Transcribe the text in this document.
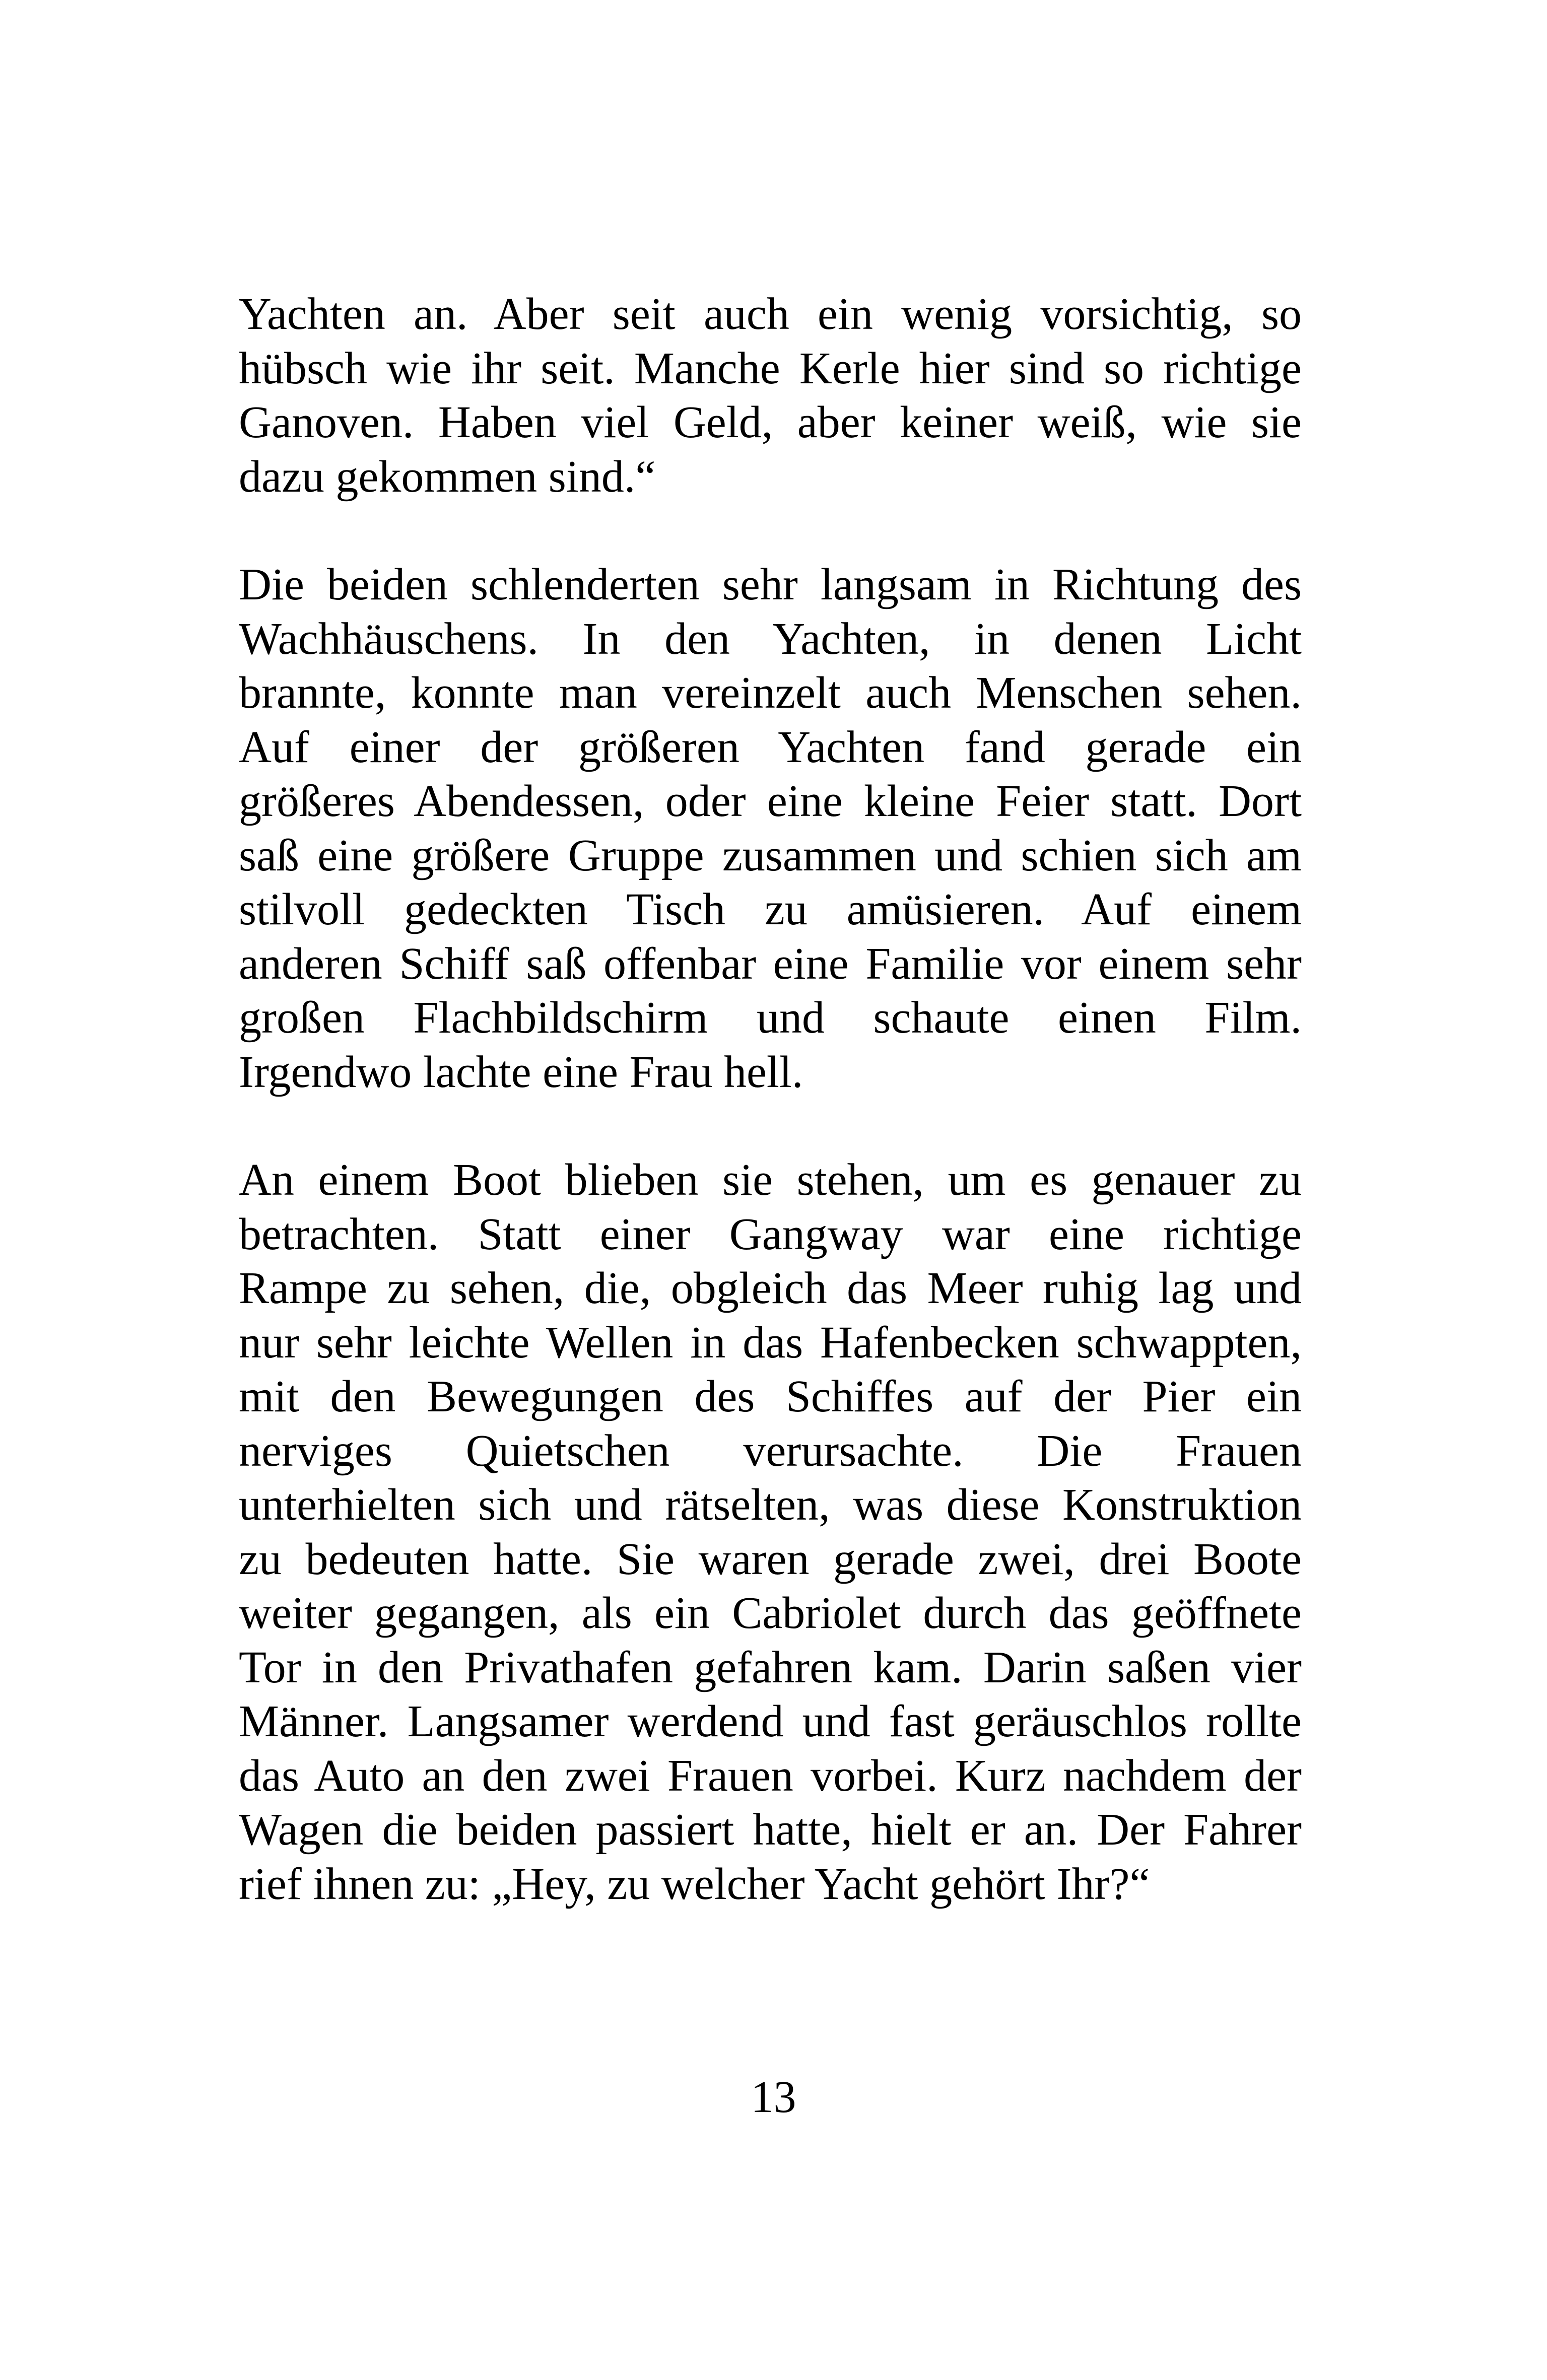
Yachten an. Aber seit auch ein wenig vorsichtig, so
hübsch wie ihr seit. Manche Kerle hier sind so richtige
Ganoven. Haben viel Geld, aber keiner weiß, wie sie
dazu gekommen sind.“

Die beiden schlenderten sehr langsam in Richtung des
Wachhäuschens. In den Yachten, in denen Licht
brannte, konnte man vereinzelt auch Menschen sehen.
Auf einer der größeren Yachten fand gerade ein
größeres Abendessen, oder eine kleine Feier statt. Dort
saß eine größere Gruppe zusammen und schien sich am
stilvoll gedeckten Tisch zu amüsieren. Auf einem
anderen Schiff saß offenbar eine Familie vor einem sehr
großen Flachbildschirm und schaute einen Film.
Irgendwo lachte eine Frau hell.

An einem Boot blieben sie stehen, um es genauer zu
betrachten. Statt einer Gangway war eine richtige
Rampe zu sehen, die, obgleich das Meer ruhig lag und
nur sehr leichte Wellen in das Hafenbecken schwappten,
mit den Bewegungen des Schiffes auf der Pier ein
nerviges Quietschen verursachte. Die Frauen
unterhielten sich und rätselten, was diese Konstruktion
zu bedeuten hatte. Sie waren gerade zwei, drei Boote
weiter gegangen, als ein Cabriolet durch das geöffnete
Tor in den Privathafen gefahren kam. Darin saßen vier
Männer. Langsamer werdend und fast geräuschlos rollte
das Auto an den zwei Frauen vorbei. Kurz nachdem der
Wagen die beiden passiert hatte, hielt er an. Der Fahrer
rief ihnen zu: „Hey, zu welcher Yacht gehört Ihr?“

13
